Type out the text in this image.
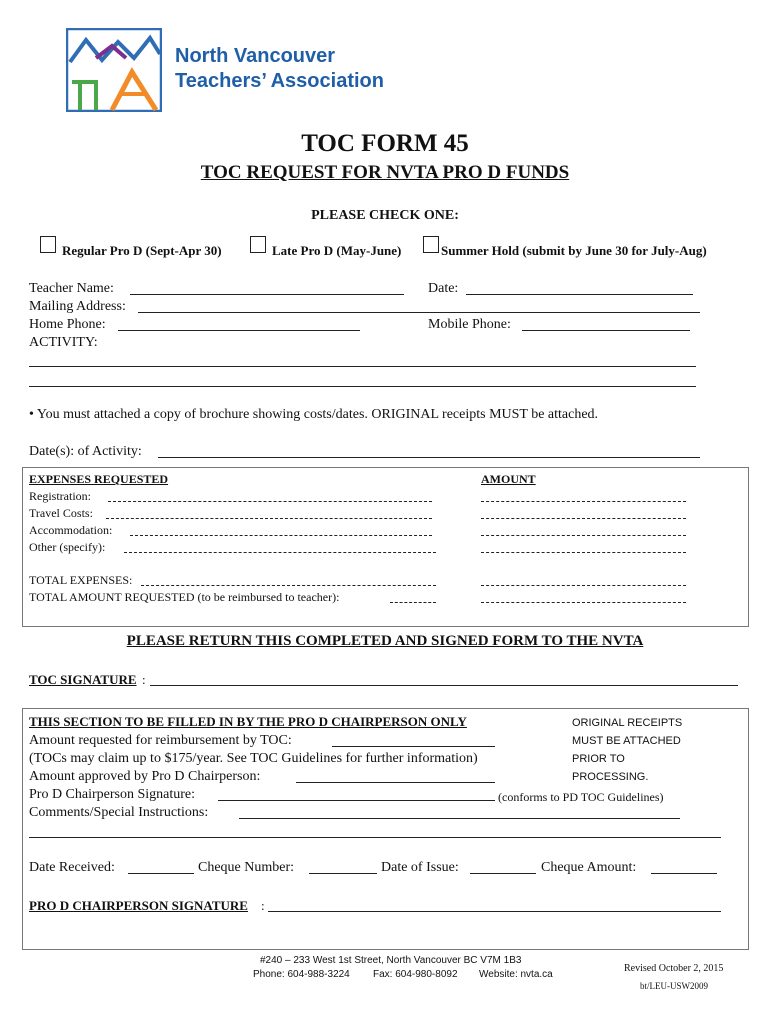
North Vancouver
Teachers’ Association
TOC FORM 45
TOC REQUEST FOR NVTA PRO D FUNDS
PLEASE CHECK ONE:
Regular Pro D (Sept-Apr 30)	Late Pro D (May-June)	Summer Hold (submit by June 30 for July-Aug)
Teacher Name:	Date:
Mailing Address:
Home Phone:	Mobile Phone:
ACTIVITY:
• You must attached a copy of brochure showing costs/dates. ORIGINAL receipts MUST be attached.
Date(s): of Activity:
EXPENSES REQUESTED	AMOUNT
Registration:
Travel Costs:
Accommodation:
Other (specify):
TOTAL EXPENSES:
TOTAL AMOUNT REQUESTED (to be reimbursed to teacher):
PLEASE RETURN THIS COMPLETED AND SIGNED FORM TO THE NVTA
TOC SIGNATURE :
THIS SECTION TO BE FILLED IN BY THE PRO D CHAIRPERSON ONLY
Amount requested for reimbursement by TOC:
(TOCs may claim up to $175/year. See TOC Guidelines for further information)
Amount approved by Pro D Chairperson:
Pro D Chairperson Signature:	(conforms to PD TOC Guidelines)
Comments/Special Instructions:
ORIGINAL RECEIPTS
MUST BE ATTACHED
PRIOR TO
PROCESSING.
Date Received:	Cheque Number:	Date of Issue:	Cheque Amount:
PRO D CHAIRPERSON SIGNATURE :
#240 – 233 West 1st Street, North Vancouver BC V7M 1B3
Phone: 604-988-3224 Fax: 604-980-8092 Website: nvta.ca
Revised October 2, 2015
bt/LEU-USW2009
